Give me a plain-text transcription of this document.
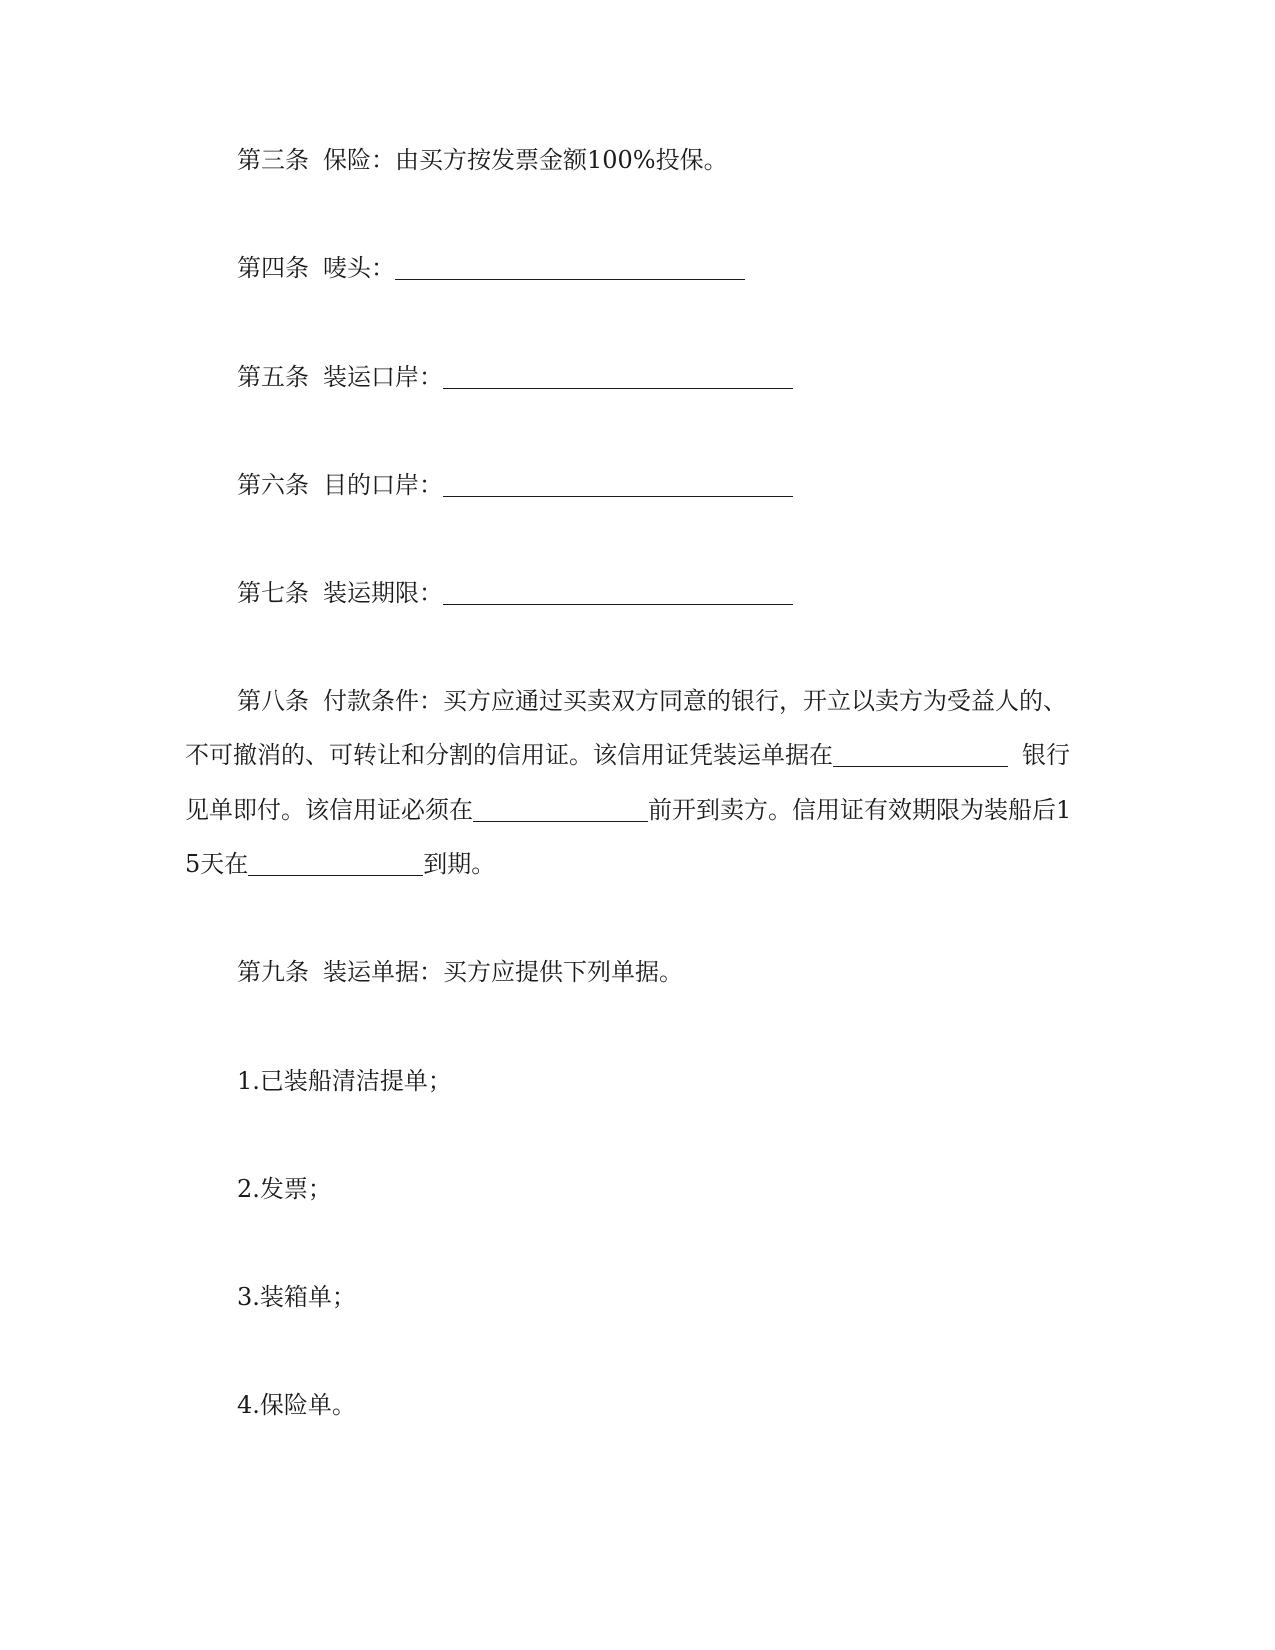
第三条 保险：由买方按发票金额100%投保。
第四条 唛头：
第五条 装运口岸：
第六条 目的口岸：
第七条 装运期限：
第八条 付款条件：买方应通过买卖双方同意的银行，开立以卖方为受益人的、
不可撤消的、可转让和分割的信用证。该信用证凭装运单据在	银行
见单即付。该信用证必须在	前开到卖方。信用证有效期限为装船后1
5天在	到期。
第九条 装运单据：买方应提供下列单据。
1.已装船清洁提单；
2.发票；
3.装箱单；
4.保险单。
